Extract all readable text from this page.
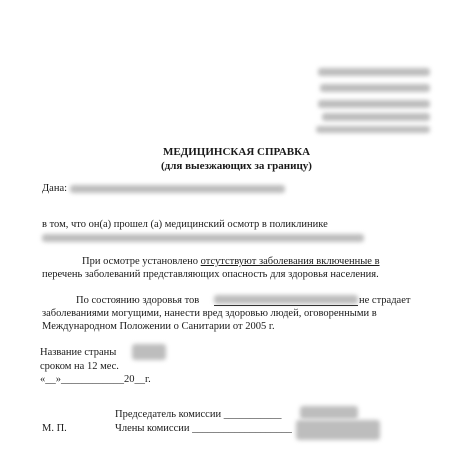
МЕДИЦИНСКАЯ СПРАВКА
(для выезжающих за границу)
Дана:
в том, что он(а) прошел (а) медицинский осмотр в поликлинике
При осмотре установлено отсутствуют заболевания включенные в
перечень заболеваний представляющих опасность для здоровья населения.
По состоянию здоровья тов	не страдает
заболеваниями могущими, нанести вред здоровью людей, оговоренными в
Международном Положении о Санитарии от 2005 г.
Название страны
сроком на 12 мес.
«__»____________20__г.
Председатель комиссии ___________
М. П.	Члены комиссии ___________________
